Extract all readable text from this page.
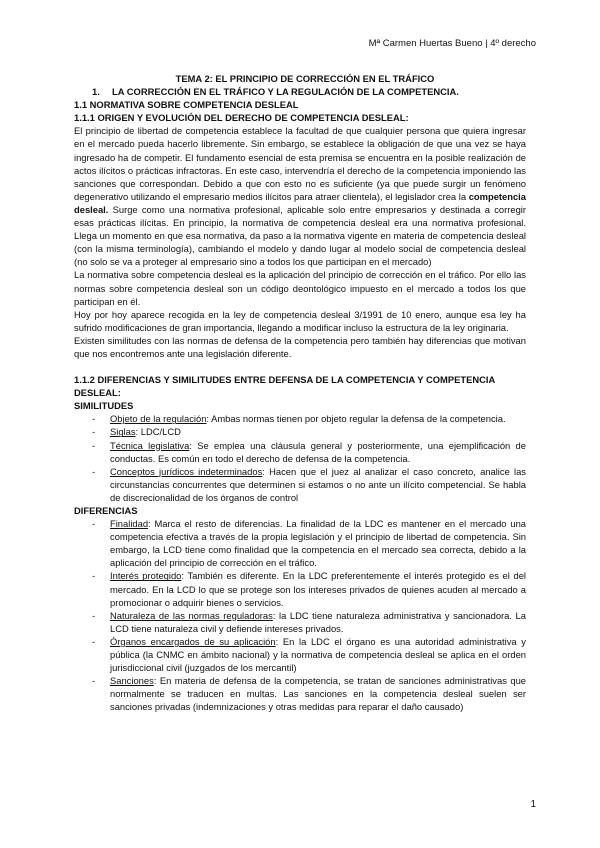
Mª Carmen Huertas Bueno | 4º derecho
TEMA 2: EL PRINCIPIO DE CORRECCIÓN EN EL TRÁFICO
1. LA CORRECCIÓN EN EL TRÁFICO Y LA REGULACIÓN DE LA COMPETENCIA.
1.1 NORMATIVA SOBRE COMPETENCIA DESLEAL
1.1.1 ORIGEN Y EVOLUCIÓN DEL DERECHO DE COMPETENCIA DESLEAL:

El principio de libertad de competencia establece la facultad de que cualquier persona que quiera ingresar en el mercado pueda hacerlo libremente. Sin embargo, se establece la obligación de que una vez se haya ingresado ha de competir. El fundamento esencial de esta premisa se encuentra en la posible realización de actos ilícitos o prácticas infractoras. En este caso, intervendría el derecho de la competencia imponiendo las sanciones que correspondan. Debido a que con esto no es suficiente (ya que puede surgir un fenómeno degenerativo utilizando el empresario medios ilícitos para atraer clientela), el legislador crea la competencia desleal. Surge como una normativa profesional, aplicable solo entre empresarios y destinada a corregir esas prácticas ilícitas. En principio, la normativa de competencia desleal era una normativa profesional. Llega un momento en que esa normativa, da paso a la normativa vigente en materia de competencia desleal (con la misma terminología), cambiando el modelo y dando lugar al modelo social de competencia desleal (no solo se va a proteger al empresario sino a todos los que participan en el mercado)

La normativa sobre competencia desleal es la aplicación del principio de corrección en el tráfico. Por ello las normas sobre competencia desleal son un código deontológico impuesto en el mercado a todos los que participan en él.

Hoy por hoy aparece recogida en la ley de competencia desleal 3/1991 de 10 enero, aunque esa ley ha sufrido modificaciones de gran importancia, llegando a modificar incluso la estructura de la ley originaria.

Existen similitudes con las normas de defensa de la competencia pero también hay diferencias que motivan que nos encontremos ante una legislación diferente.

1.1.2 DIFERENCIAS Y SIMILITUDES ENTRE DEFENSA DE LA COMPETENCIA Y COMPETENCIA DESLEAL:
SIMILITUDES
- Objeto de la regulación: Ambas normas tienen por objeto regular la defensa de la competencia.
- Siglas: LDC/LCD
- Técnica legislativa: Se emplea una cláusula general y posteriormente, una ejemplificación de conductas. Es común en todo el derecho de defensa de la competencia.
- Conceptos jurídicos indeterminados: Hacen que el juez al analizar el caso concreto, analice las circunstancias concurrentes que determinen si estamos o no ante un ilícito competencial. Se habla de discrecionalidad de los órganos de control
DIFERENCIAS
- Finalidad: Marca el resto de diferencias. La finalidad de la LDC es mantener en el mercado una competencia efectiva a través de la propia legislación y el principio de libertad de competencia. Sin embargo, la LCD tiene como finalidad que la competencia en el mercado sea correcta, debido a la aplicación del principio de corrección en el tráfico.
- Interés protegido: También es diferente. En la LDC preferentemente el interés protegido es el del mercado. En la LCD lo que se protege son los intereses privados de quienes acuden al mercado a promocionar o adquirir bienes o servicios.
- Naturaleza de las normas reguladoras: la LDC tiene naturaleza administrativa y sancionadora. La LCD tiene naturaleza civil y defiende intereses privados.
- Órganos encargados de su aplicación: En la LDC el órgano es una autoridad administrativa y pública (la CNMC en ámbito nacional) y la normativa de competencia desleal se aplica en el orden jurisdiccional civil (juzgados de los mercantil)
- Sanciones: En materia de defensa de la competencia, se tratan de sanciones administrativas que normalmente se traducen en multas. Las sanciones en la competencia desleal suelen ser sanciones privadas (indemnizaciones y otras medidas para reparar el daño causado)
1
